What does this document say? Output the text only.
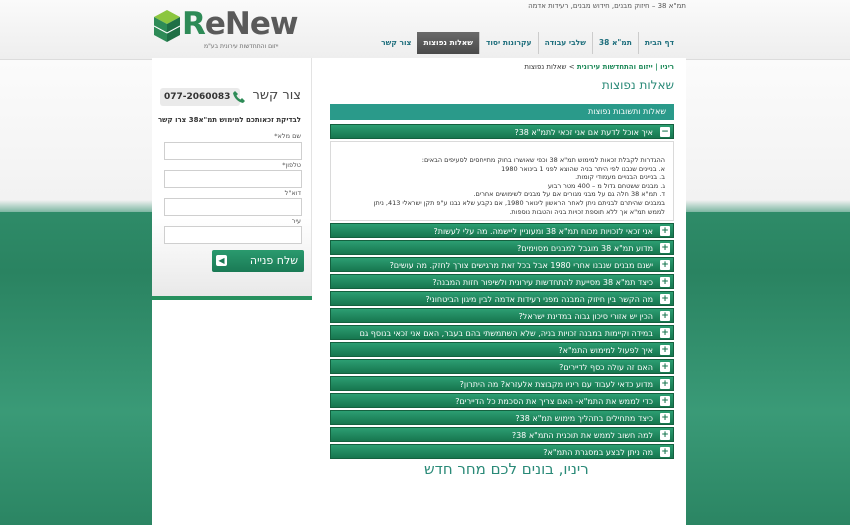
ReNew
ייזום והתחדשות עירונית בע"מ
תמ"א 38 – חיזוק מבנים, חידוש מבנים, רעידות אדמה
דף הבית
תמ"א 38
שלבי עבודה
עקרונות יסוד
שאלות נפוצות
צור קשר
צור קשר
077-2060083
לבדיקת זכאותכם למימוש תמ"א38 צרו קשר
שם מלא*
טלפון*
דוא"ל
עיר
◀ שלח פנייה
ריניו | ייזום והתחדשות עירונית > שאלות נפוצות
שאלות נפוצות
שאלות ותשובות נפוצות
−
איך אוכל לדעת אם אני זכאי לתמ"א 38?
ההגדרות לקבלת זכאות למימוש תמ"א 38 וכפי שאושרו בחוק מתייחסים לסעיפים הבאים:
א. בניינים שנבנו לפי היתר בניה שהוצא לפני 1 בינואר 1980
ב. בניינים הבנויים מעמודי קומות.
ג. מבנים ששטחם גדול מ – 400 מטר רבוע
ד. תמ"א 38 חלה גם על מבני מגורים אם על מבנים לשימושים אחרים.
במבנים שהיתרם לבניתם ניתן לאחר הראשון לינואר 1980, אם נקבע שלא נבנו ע"פ תקן ישראלי 413, ניתן
לממש תמ"א אך ללא תוספת זכויות בניה והטבות נוספות.
+
אני זכאי לזכויות מכוח תמ"א 38 ומעוניין ליישמה. מה עלי לעשות?
+
מדוע תמ"א 38 מוגבל למבנים מסוימים?
+
ישנם מבנים שנבנו אחרי 1980 אבל בכל זאת מרגישים צורך לחזק. מה עושים?
+
כיצד תמ"א 38 מסייעת להתחדשות עירונית ולשיפור חזות המבנה?
+
מה הקשר בין חיזוק המבנה מפני רעידות אדמה לבין מיגון הביטחוני?
+
הכין יש אזורי סיכון גבוה במדינת ישראל?
+
במידה וקיימות במבנה זכויות בניה, שלא השתמשתי בהם בעבר, האם אני זכאי בנוסף גם
+
איך לפעול למימוש התמ"א?
+
האם זה עולה כסף לדיירים?
+
מדוע כדאי לעבוד עם ריניו מקבוצת אלעזרא? מה היתרון?
+
כדי לממש את התמ"א- האם צריך את הסכמת כל הדיירים?
+
כיצד מתחילים בתהליך מימוש תמ"א 38?
+
למה חשוב לממש את תוכנית התמ"א 38?
+
מה ניתן לבצע במסגרת התמ"א?
ריניו, בונים לכם מחר חדש
